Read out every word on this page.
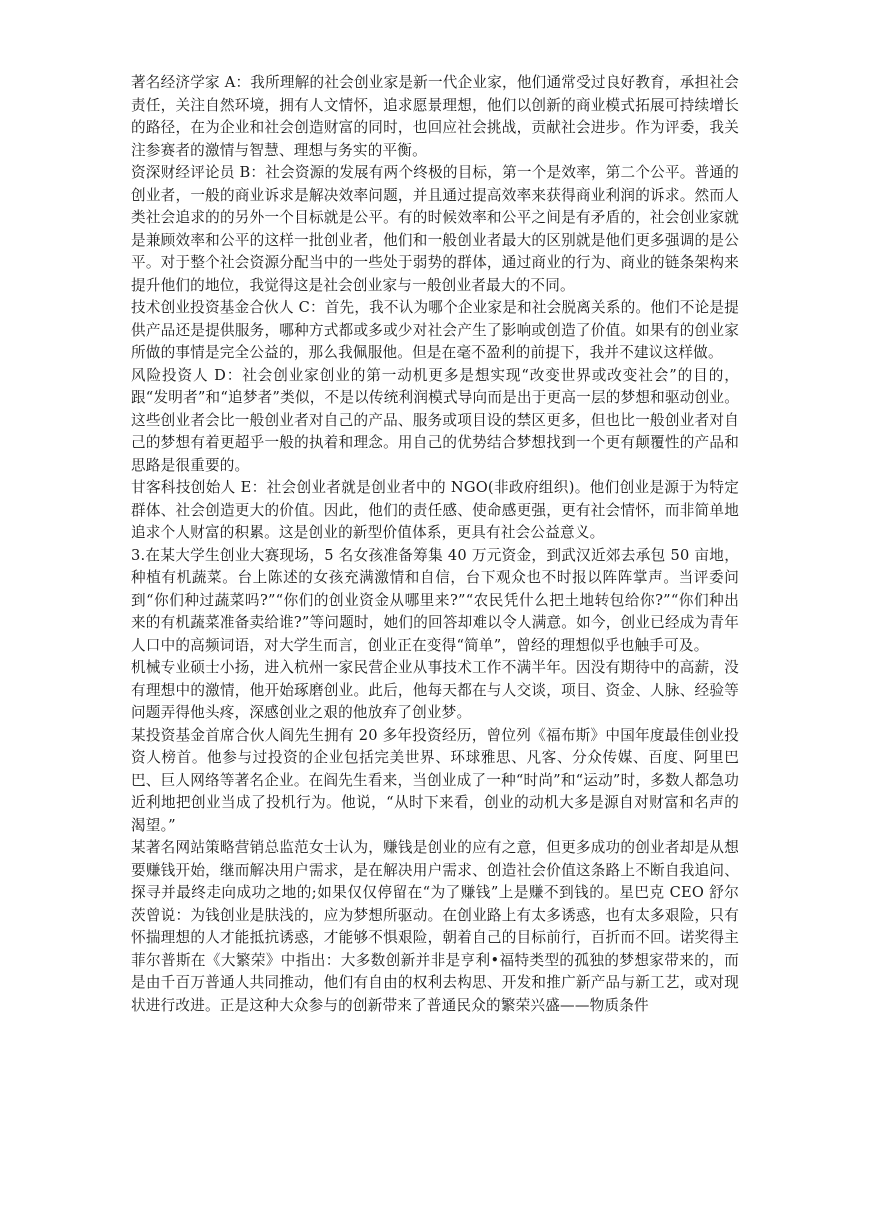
著名经济学家 A：我所理解的社会创业家是新一代企业家，他们通常受过良好教育，承担社会责任，关注自然环境，拥有人文情怀，追求愿景理想，他们以创新的商业模式拓展可持续增长的路径，在为企业和社会创造财富的同时，也回应社会挑战，贡献社会进步。作为评委，我关注参赛者的激情与智慧、理想与务实的平衡。

资深财经评论员 B：社会资源的发展有两个终极的目标，第一个是效率，第二个公平。普通的创业者，一般的商业诉求是解决效率问题，并且通过提高效率来获得商业利润的诉求。然而人类社会追求的的另外一个目标就是公平。有的时候效率和公平之间是有矛盾的，社会创业家就是兼顾效率和公平的这样一批创业者，他们和一般创业者最大的区别就是他们更多强调的是公平。对于整个社会资源分配当中的一些处于弱势的群体，通过商业的行为、商业的链条架构来提升他们的地位，我觉得这是社会创业家与一般创业者最大的不同。

技术创业投资基金合伙人 C：首先，我不认为哪个企业家是和社会脱离关系的。他们不论是提供产品还是提供服务，哪种方式都或多或少对社会产生了影响或创造了价值。如果有的创业家所做的事情是完全公益的，那么我佩服他。但是在毫不盈利的前提下，我并不建议这样做。

风险投资人 D：社会创业家创业的第一动机更多是想实现“改变世界或改变社会”的目的，跟“发明者”和“追梦者”类似，不是以传统利润模式导向而是出于更高一层的梦想和驱动创业。这些创业者会比一般创业者对自己的产品、服务或项目设的禁区更多，但也比一般创业者对自己的梦想有着更超乎一般的执着和理念。用自己的优势结合梦想找到一个更有颠覆性的产品和思路是很重要的。

甘客科技创始人 E：社会创业者就是创业者中的 NGO(非政府组织)。他们创业是源于为特定群体、社会创造更大的价值。因此，他们的责任感、使命感更强，更有社会情怀，而非简单地追求个人财富的积累。这是创业的新型价值体系，更具有社会公益意义。

3.在某大学生创业大赛现场，5 名女孩准备筹集 40 万元资金，到武汉近郊去承包 50 亩地，种植有机蔬菜。台上陈述的女孩充满激情和自信，台下观众也不时报以阵阵掌声。当评委问到“你们种过蔬菜吗?”“你们的创业资金从哪里来?”“农民凭什么把土地转包给你?”“你们种出来的有机蔬菜准备卖给谁?”等问题时，她们的回答却难以令人满意。如今，创业已经成为青年人口中的高频词语，对大学生而言，创业正在变得“简单”，曾经的理想似乎也触手可及。

机械专业硕士小扬，进入杭州一家民营企业从事技术工作不满半年。因没有期待中的高薪，没有理想中的激情，他开始琢磨创业。此后，他每天都在与人交谈，项目、资金、人脉、经验等问题弄得他头疼，深感创业之艰的他放弃了创业梦。

某投资基金首席合伙人阎先生拥有 20 多年投资经历，曾位列《福布斯》中国年度最佳创业投资人榜首。他参与过投资的企业包括完美世界、环球雅思、凡客、分众传媒、百度、阿里巴巴、巨人网络等著名企业。在阎先生看来，当创业成了一种“时尚”和“运动”时，多数人都急功近利地把创业当成了投机行为。他说，“从时下来看，创业的动机大多是源自对财富和名声的渴望。”

某著名网站策略营销总监范女士认为，赚钱是创业的应有之意，但更多成功的创业者却是从想要赚钱开始，继而解决用户需求，是在解决用户需求、创造社会价值这条路上不断自我追问、探寻并最终走向成功之地的;如果仅仅停留在“为了赚钱”上是赚不到钱的。星巴克 CEO 舒尔茨曾说：为钱创业是肤浅的，应为梦想所驱动。在创业路上有太多诱惑，也有太多艰险，只有怀揣理想的人才能抵抗诱惑，才能够不惧艰险，朝着自己的目标前行，百折而不回。诺奖得主菲尔普斯在《大繁荣》中指出：大多数创新并非是亨利•福特类型的孤独的梦想家带来的，而是由千百万普通人共同推动，他们有自由的权利去构思、开发和推广新产品与新工艺，或对现状进行改进。正是这种大众参与的创新带来了普通民众的繁荣兴盛——物质条件
